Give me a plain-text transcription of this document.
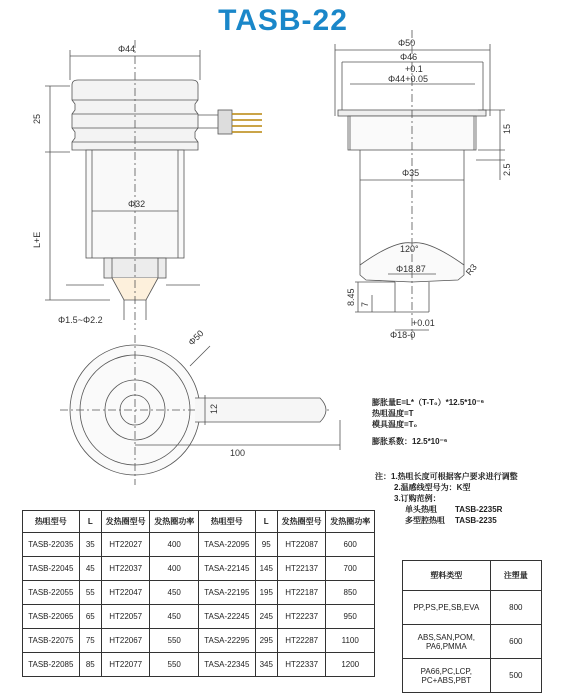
TASB-22
Φ44
25
L+E
Φ32
Φ1.5~Φ2.2
Φ50
Φ46
+0.1
Φ44+0.05
15
Φ35	2.5
120°
Φ18.87	R3
8.45 7
+0.01
Φ18-0
Φ50
12
100
膨胀量E=L*（T-T₀）*12.5*10⁻⁶
热咀温度=T
模具温度=T₀
膨胀系数：12.5*10⁻⁶
注：1.热咀长度可根据客户要求进行调整
2.温感线型号为：K型
3.订购范例：
单头热咀 TASB-2235R
多型腔热咀 TASB-2235
热咀型号	L	发热圈型号	发热圈功率	热咀型号	L	发热圈型号	发热圈功率
TASB-22035	35	HT22027	400	TASA-22095	95	HT22087	600
TASB-22045	45	HT22037	400	TASA-22145	145	HT22137	700
TASB-22055	55	HT22047	450	TASA-22195	195	HT22187	850
TASB-22065	65	HT22057	450	TASA-22245	245	HT22237	950
TASB-22075	75	HT22067	550	TASA-22295	295	HT22287	1100
TASB-22085	85	HT22077	550	TASA-22345	345	HT22337	1200
塑料类型	注塑量
PP,PS,PE,SB,EVA	800
ABS,SAN,POM,
PA6,PMMA	600
PA66,PC,LCP,
PC+ABS,PBT	500
